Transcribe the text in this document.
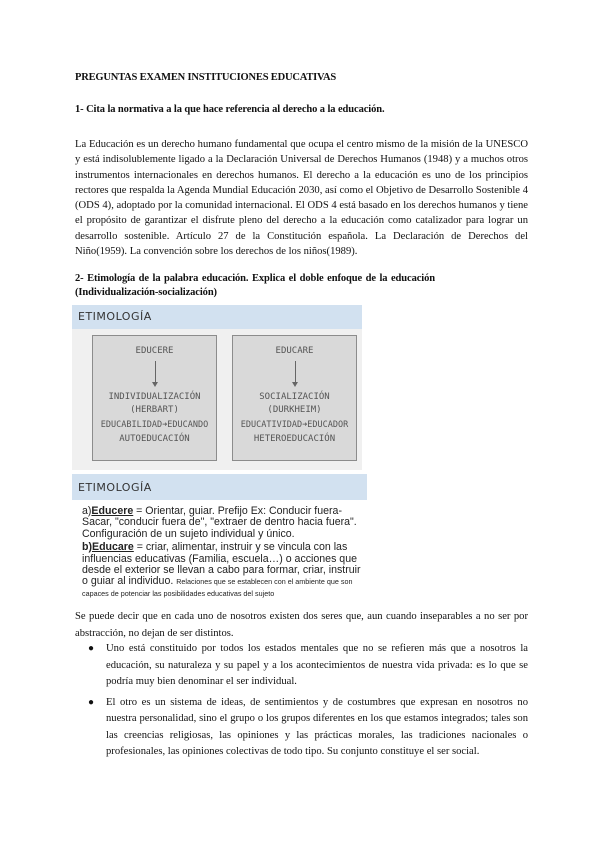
PREGUNTAS EXAMEN INSTITUCIONES EDUCATIVAS
1- Cita la normativa a la que hace referencia al derecho a la educación.
La Educación es un derecho humano fundamental que ocupa el centro mismo de la misión de la UNESCO y está indisolublemente ligado a la Declaración Universal de Derechos Humanos (1948) y a muchos otros instrumentos internacionales en derechos humanos. El derecho a la educación es uno de los principios rectores que respalda la Agenda Mundial Educación 2030, así como el Objetivo de Desarrollo Sostenible 4 (ODS 4), adoptado por la comunidad internacional. El ODS 4 está basado en los derechos humanos y tiene el propósito de garantizar el disfrute pleno del derecho a la educación como catalizador para lograr un desarrollo sostenible. Artículo 27 de la Constitución española. La Declaración de Derechos del Niño(1959). La convención sobre los derechos de los niños(1989).
2- Etimología de la palabra educación. Explica el doble enfoque de la educación (Individualización-socialización)
ETIMOLOGÍA
EDUCERE
INDIVIDUALIZACIÓN
(HERBART)
EDUCABILIDAD➜EDUCANDO
AUTOEDUCACIÓN
EDUCARE
SOCIALIZACIÓN
(DURKHEIM)
EDUCATIVIDAD➜EDUCADOR
HETEROEDUCACIÓN
ETIMOLOGÍA
a)Educere = Orientar, guiar. Prefijo Ex: Conducir fuera- Sacar, "conducir fuera de", "extraer de dentro hacia fuera". Configuración de un sujeto individual y único.
b)Educare = criar, alimentar, instruir y se vincula con las influencias educativas (Familia, escuela…) o acciones que desde el exterior se llevan a cabo para formar, criar, instruir o guiar al individuo. Relaciones que se establecen con el ambiente que son capaces de potenciar las posibilidades educativas del sujeto
Se puede decir que en cada uno de nosotros existen dos seres que, aun cuando inseparables a no ser por abstracción, no dejan de ser distintos.
●	Uno está constituido por todos los estados mentales que no se refieren más que a nosotros la educación, su naturaleza y su papel y a los acontecimientos de nuestra vida privada: es lo que se podría muy bien denominar el ser individual.
●	El otro es un sistema de ideas, de sentimientos y de costumbres que expresan en nosotros no nuestra personalidad, sino el grupo o los grupos diferentes en los que estamos integrados; tales son las creencias religiosas, las opiniones y las prácticas morales, las tradiciones nacionales o profesionales, las opiniones colectivas de todo tipo. Su conjunto constituye el ser social.
